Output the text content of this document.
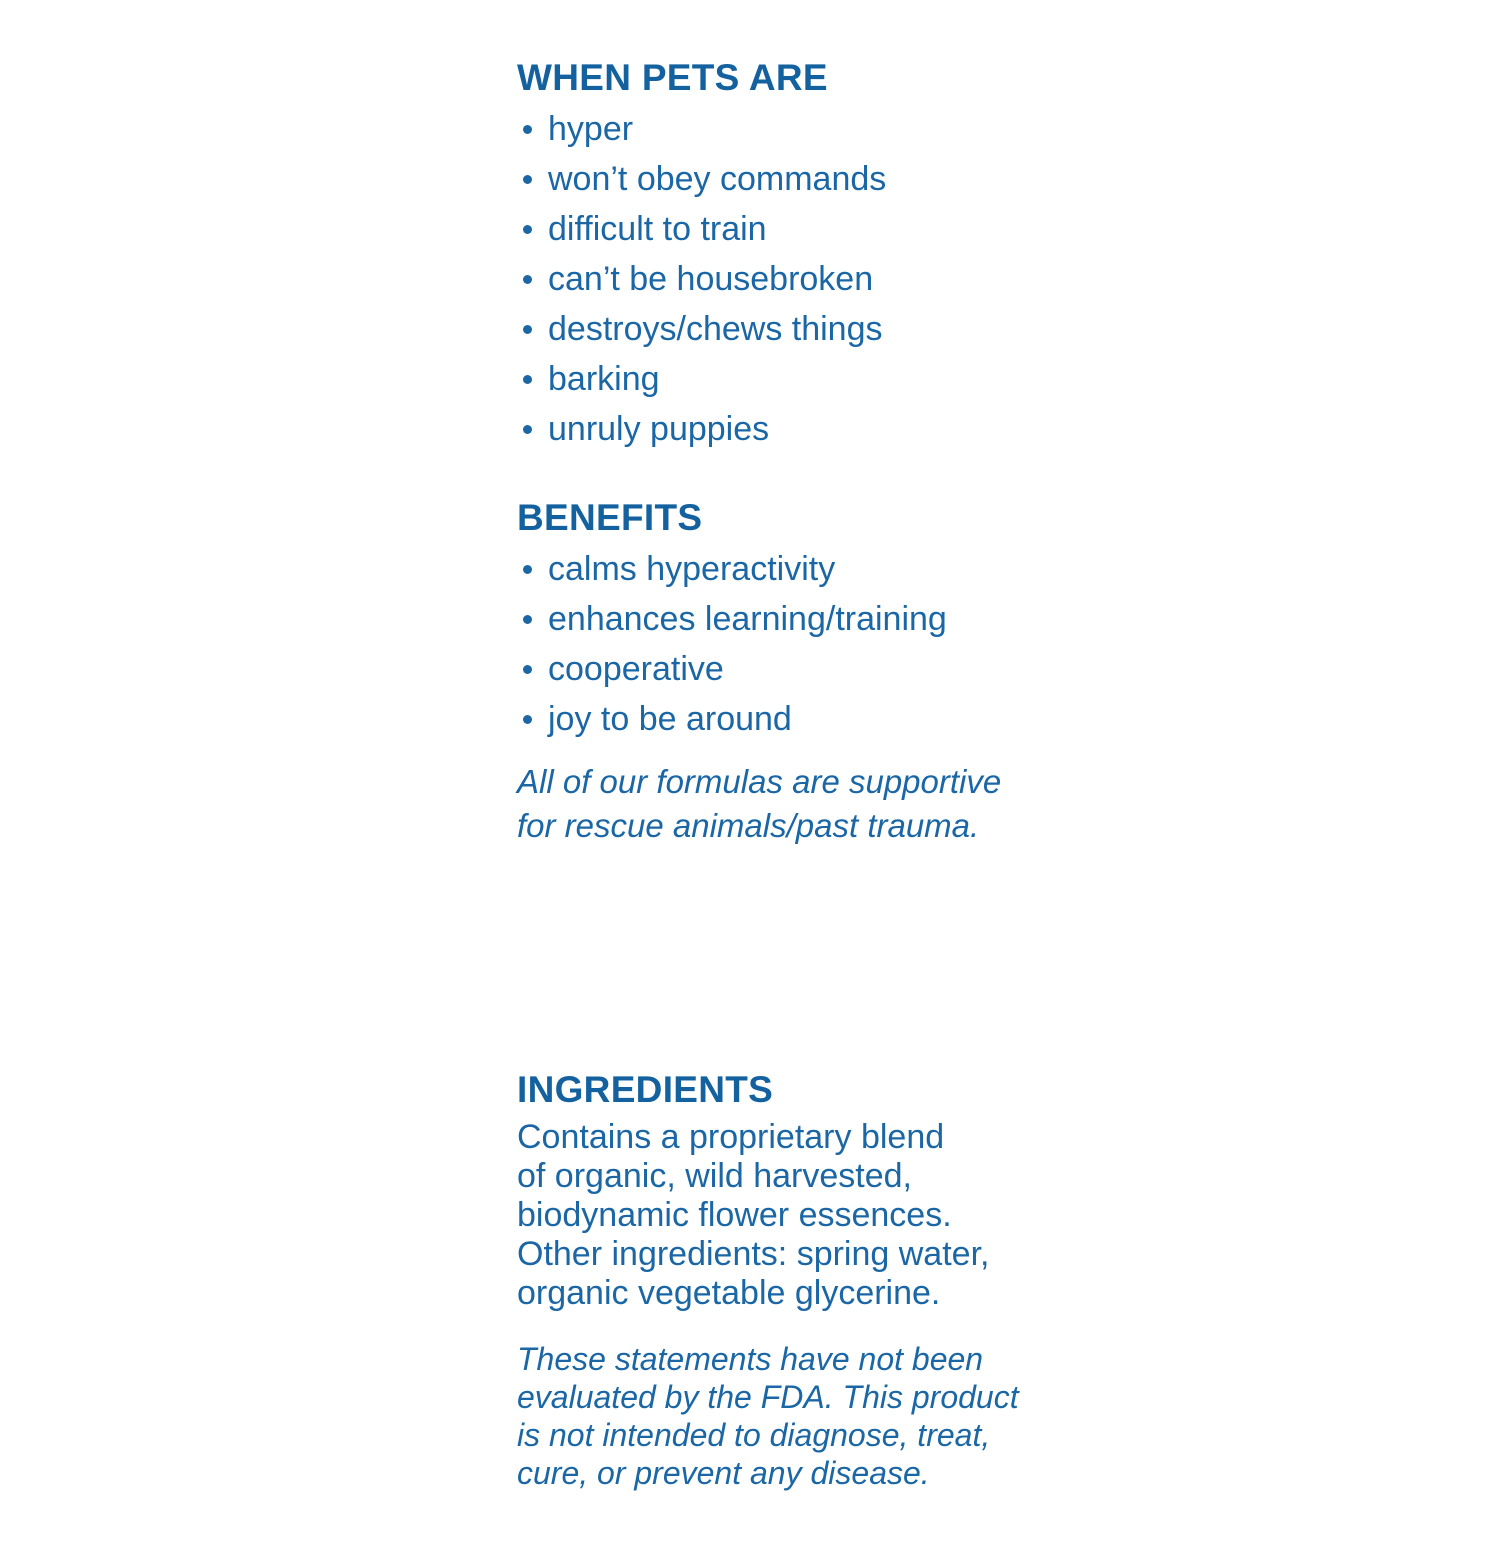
WHEN PETS ARE
hyper
won’t obey commands
difficult to train
can’t be housebroken
destroys/chews things
barking
unruly puppies
BENEFITS
calms hyperactivity
enhances learning/training
cooperative
joy to be around

All of our formulas are supportive
for rescue animals/past trauma.

INGREDIENTS

Contains a proprietary blend
of organic, wild harvested,
biodynamic flower essences.
Other ingredients: spring water,
organic vegetable glycerine.

These statements have not been
evaluated by the FDA. This product
is not intended to diagnose, treat,
cure, or prevent any disease.
